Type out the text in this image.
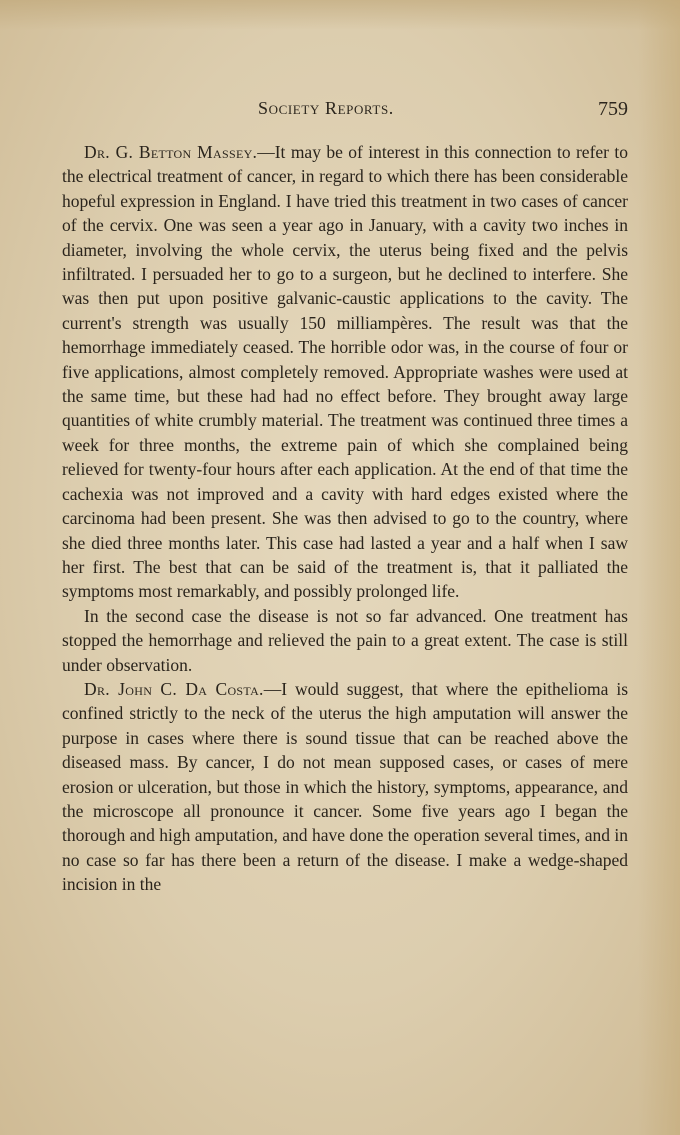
Society Reports.	759

Dr. G. Betton Massey.—It may be of interest in this connection to refer to the electrical treatment of cancer, in regard to which there has been considerable hopeful expression in England. I have tried this treatment in two cases of cancer of the cervix. One was seen a year ago in January, with a cavity two inches in diameter, involving the whole cervix, the uterus being fixed and the pelvis infiltrated. I persuaded her to go to a surgeon, but he declined to interfere. She was then put upon positive galvanic-caustic applications to the cavity. The current's strength was usually 150 milliampères. The result was that the hemorrhage immediately ceased. The horrible odor was, in the course of four or five applications, almost completely removed. Appropriate washes were used at the same time, but these had had no effect before. They brought away large quantities of white crumbly material. The treatment was continued three times a week for three months, the extreme pain of which she complained being relieved for twenty-four hours after each application. At the end of that time the cachexia was not improved and a cavity with hard edges existed where the carcinoma had been present. She was then advised to go to the country, where she died three months later. This case had lasted a year and a half when I saw her first. The best that can be said of the treatment is, that it palliated the symptoms most remarkably, and possibly prolonged life.

In the second case the disease is not so far advanced. One treatment has stopped the hemorrhage and relieved the pain to a great extent. The case is still under observation.

Dr. John C. Da Costa.—I would suggest, that where the epithelioma is confined strictly to the neck of the uterus the high amputation will answer the purpose in cases where there is sound tissue that can be reached above the diseased mass. By cancer, I do not mean supposed cases, or cases of mere erosion or ulceration, but those in which the history, symptoms, appearance, and the microscope all pronounce it cancer. Some five years ago I began the thorough and high amputation, and have done the operation several times, and in no case so far has there been a return of the disease. I make a wedge-shaped incision in the
